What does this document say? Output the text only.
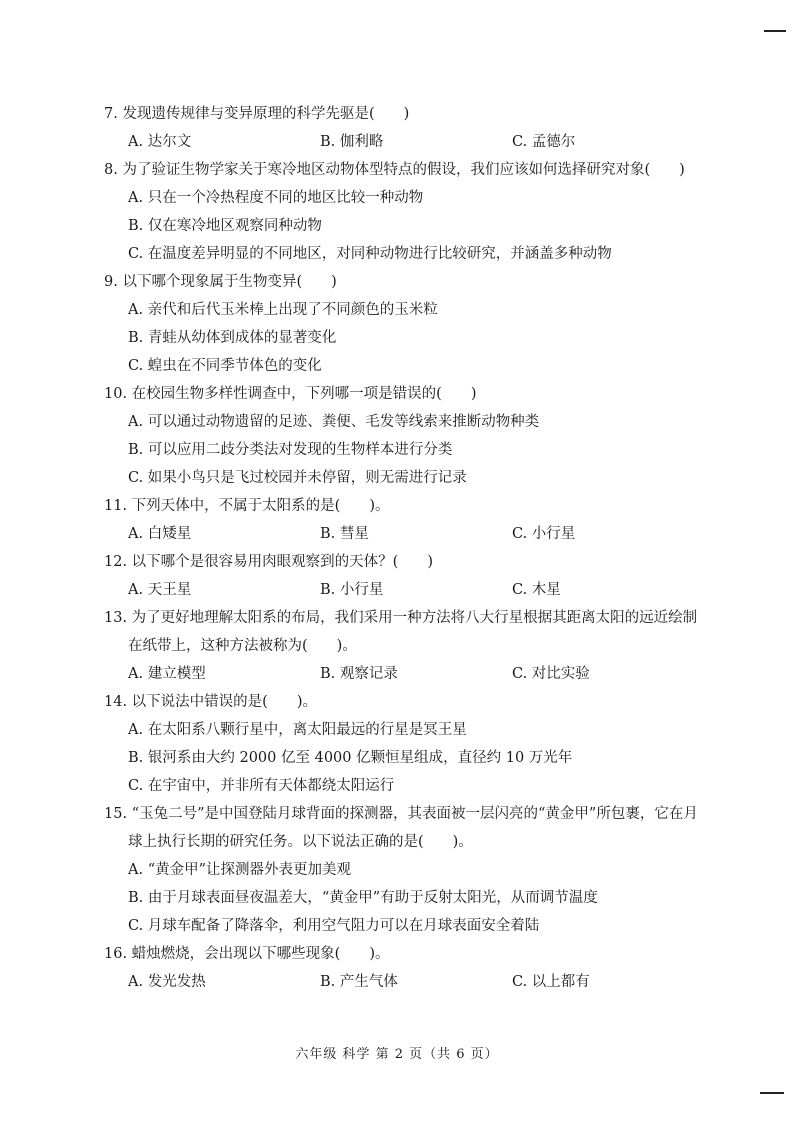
7. 发现遗传规律与变异原理的科学先驱是(　　)
A. 达尔文	B. 伽利略	C. 孟德尔
8. 为了验证生物学家关于寒冷地区动物体型特点的假设，我们应该如何选择研究对象(　　)
A. 只在一个冷热程度不同的地区比较一种动物
B. 仅在寒冷地区观察同种动物
C. 在温度差异明显的不同地区，对同种动物进行比较研究，并涵盖多种动物
9. 以下哪个现象属于生物变异(　　)
A. 亲代和后代玉米棒上出现了不同颜色的玉米粒
B. 青蛙从幼体到成体的显著变化
C. 蝗虫在不同季节体色的变化
10. 在校园生物多样性调查中，下列哪一项是错误的(　　)
A. 可以通过动物遗留的足迹、粪便、毛发等线索来推断动物种类
B. 可以应用二歧分类法对发现的生物样本进行分类
C. 如果小鸟只是飞过校园并未停留，则无需进行记录
11. 下列天体中，不属于太阳系的是(　　)。
A. 白矮星	B. 彗星	C. 小行星
12. 以下哪个是很容易用肉眼观察到的天体？(　　)
A. 天王星	B. 小行星	C. 木星
13. 为了更好地理解太阳系的布局，我们采用一种方法将八大行星根据其距离太阳的远近绘制在纸带上，这种方法被称为(　　)。
A. 建立模型	B. 观察记录	C. 对比实验
14. 以下说法中错误的是(　　)。
A. 在太阳系八颗行星中，离太阳最远的行星是冥王星
B. 银河系由大约 2000 亿至 4000 亿颗恒星组成，直径约 10 万光年
C. 在宇宙中，并非所有天体都绕太阳运行
15. “玉兔二号”是中国登陆月球背面的探测器，其表面被一层闪亮的“黄金甲”所包裹，它在月球上执行长期的研究任务。以下说法正确的是(　　)。
A. “黄金甲”让探测器外表更加美观
B. 由于月球表面昼夜温差大，“黄金甲”有助于反射太阳光，从而调节温度
C. 月球车配备了降落伞，利用空气阻力可以在月球表面安全着陆
16. 蜡烛燃烧，会出现以下哪些现象(　　)。
A. 发光发热	B. 产生气体	C. 以上都有
六年级 科学 第 2 页（共 6 页）
